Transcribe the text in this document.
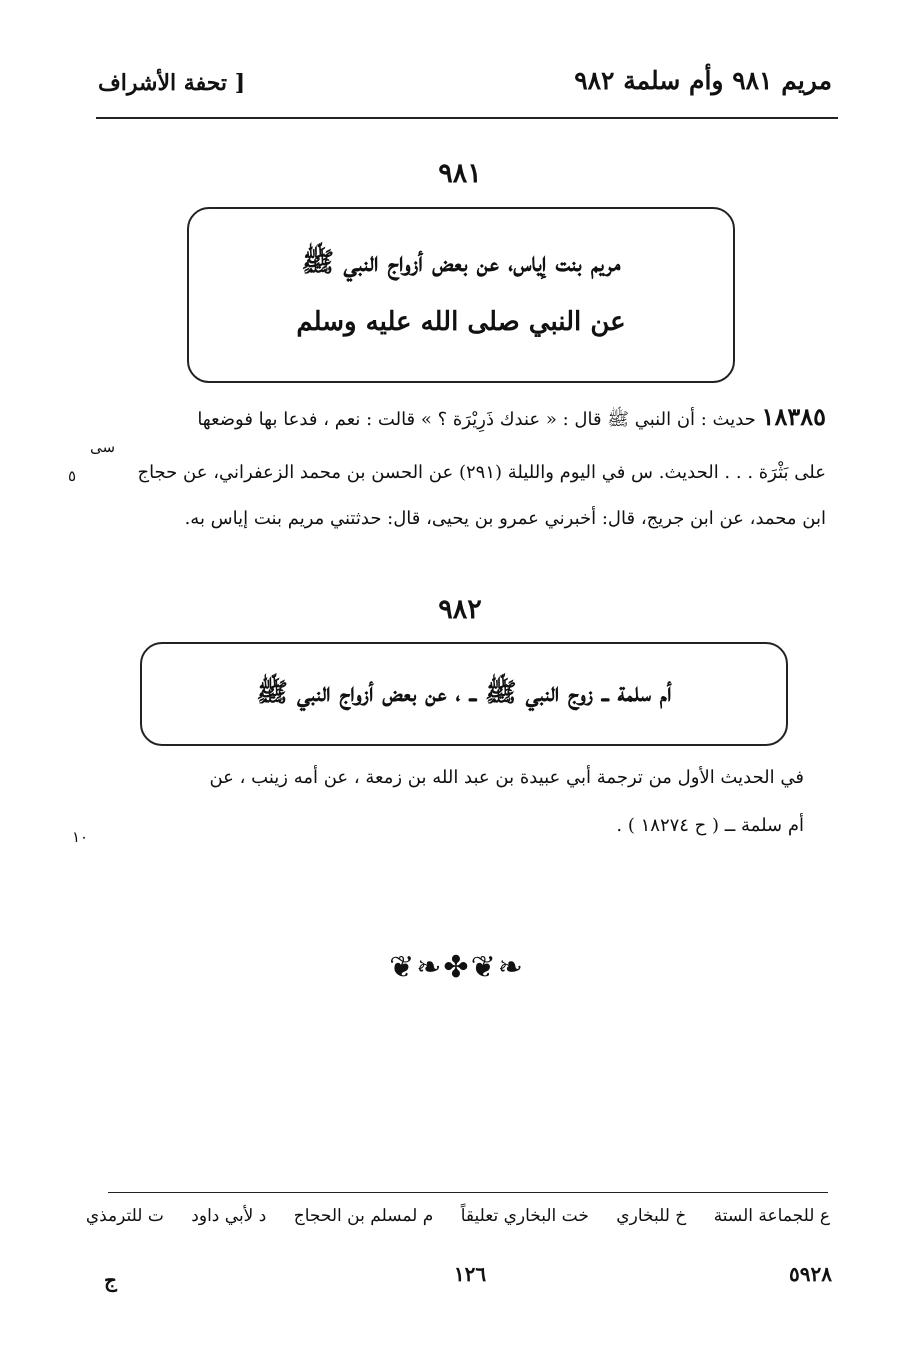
مريم ٩٨١ وأم سلمة ٩٨٢
[ تحفة الأشراف
٩٨١
مريم بنت إياس، عن بعض أزواج النبي ﷺ
عن النبي صلى الله عليه وسلم
١٨٣٨٥ حديث : أن النبي ﷺ قال : « عندك ذَرِيْرَة ؟ » قالت : نعم ، فدعا بها فوضعها
سى
على بَثْرَة . . . الحديث. س في اليوم والليلة (٢٩١) عن الحسن بن محمد الزعفراني، عن حجاج
٥
ابن محمد، عن ابن جريج، قال: أخبرني عمرو بن يحيى، قال: حدثتني مريم بنت إياس به.
٩٨٢
أم سلمة ــ زوج النبي ﷺ ــ ، عن بعض أزواج النبي ﷺ
في الحديث الأول من ترجمة أبي عبيدة بن عبد الله بن زمعة ، عن أمه زينب ، عن
أم سلمة ــ ( ح ١٨٢٧٤ ) .
١٠
❦❧✤❦❧
ع للجماعة الستة خ للبخاري خت البخاري تعليقاً م لمسلم بن الحجاج د لأبي داود ت للترمذي
٥٩٢٨
١٢٦
ج
